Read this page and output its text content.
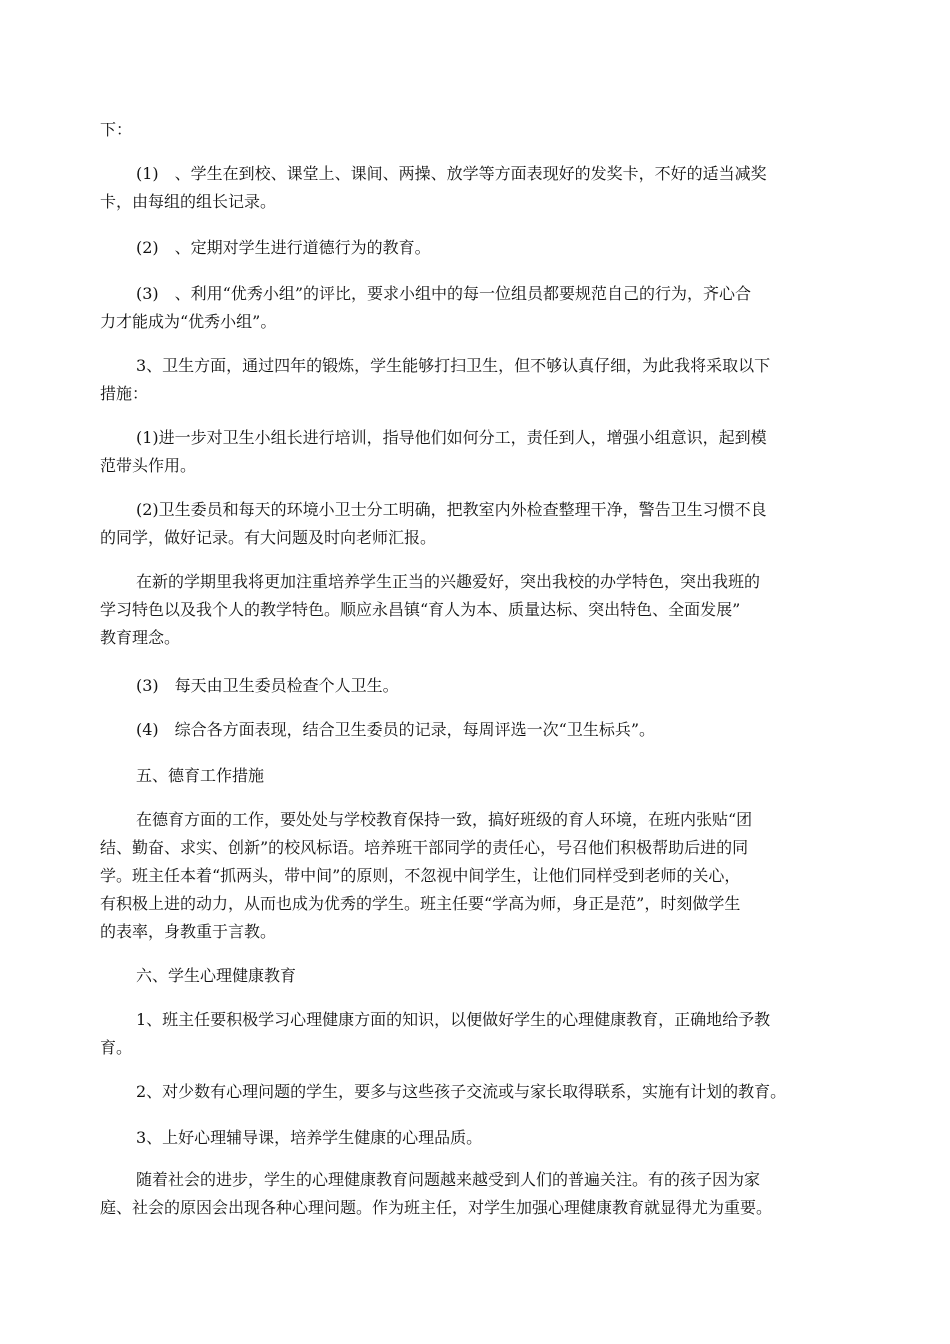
下：

(1)　、学生在到校、课堂上、课间、两操、放学等方面表现好的发奖卡，不好的适当减奖
卡，由每组的组长记录。

(2)　、定期对学生进行道德行为的教育。

(3)　、利用“优秀小组”的评比，要求小组中的每一位组员都要规范自己的行为，齐心合
力才能成为“优秀小组”。

3、卫生方面，通过四年的锻炼，学生能够打扫卫生，但不够认真仔细，为此我将采取以下
措施：

(1)进一步对卫生小组长进行培训，指导他们如何分工，责任到人，增强小组意识，起到模
范带头作用。

(2)卫生委员和每天的环境小卫士分工明确，把教室内外检查整理干净，警告卫生习惯不良
的同学，做好记录。有大问题及时向老师汇报。

在新的学期里我将更加注重培养学生正当的兴趣爱好，突出我校的办学特色，突出我班的
学习特色以及我个人的教学特色。顺应永昌镇“育人为本、质量达标、突出特色、全面发展”
教育理念。

(3)　每天由卫生委员检查个人卫生。

(4)　综合各方面表现，结合卫生委员的记录，每周评选一次“卫生标兵”。

五、德育工作措施

在德育方面的工作，要处处与学校教育保持一致，搞好班级的育人环境，在班内张贴“团
结、勤奋、求实、创新”的校风标语。培养班干部同学的责任心，号召他们积极帮助后进的同
学。班主任本着“抓两头，带中间”的原则，不忽视中间学生，让他们同样受到老师的关心，
有积极上进的动力，从而也成为优秀的学生。班主任要“学高为师，身正是范”，时刻做学生
的表率，身教重于言教。

六、学生心理健康教育

1、班主任要积极学习心理健康方面的知识，以便做好学生的心理健康教育，正确地给予教
育。

2、对少数有心理问题的学生，要多与这些孩子交流或与家长取得联系，实施有计划的教育。

3、上好心理辅导课，培养学生健康的心理品质。

随着社会的进步，学生的心理健康教育问题越来越受到人们的普遍关注。有的孩子因为家
庭、社会的原因会出现各种心理问题。作为班主任，对学生加强心理健康教育就显得尤为重要。
